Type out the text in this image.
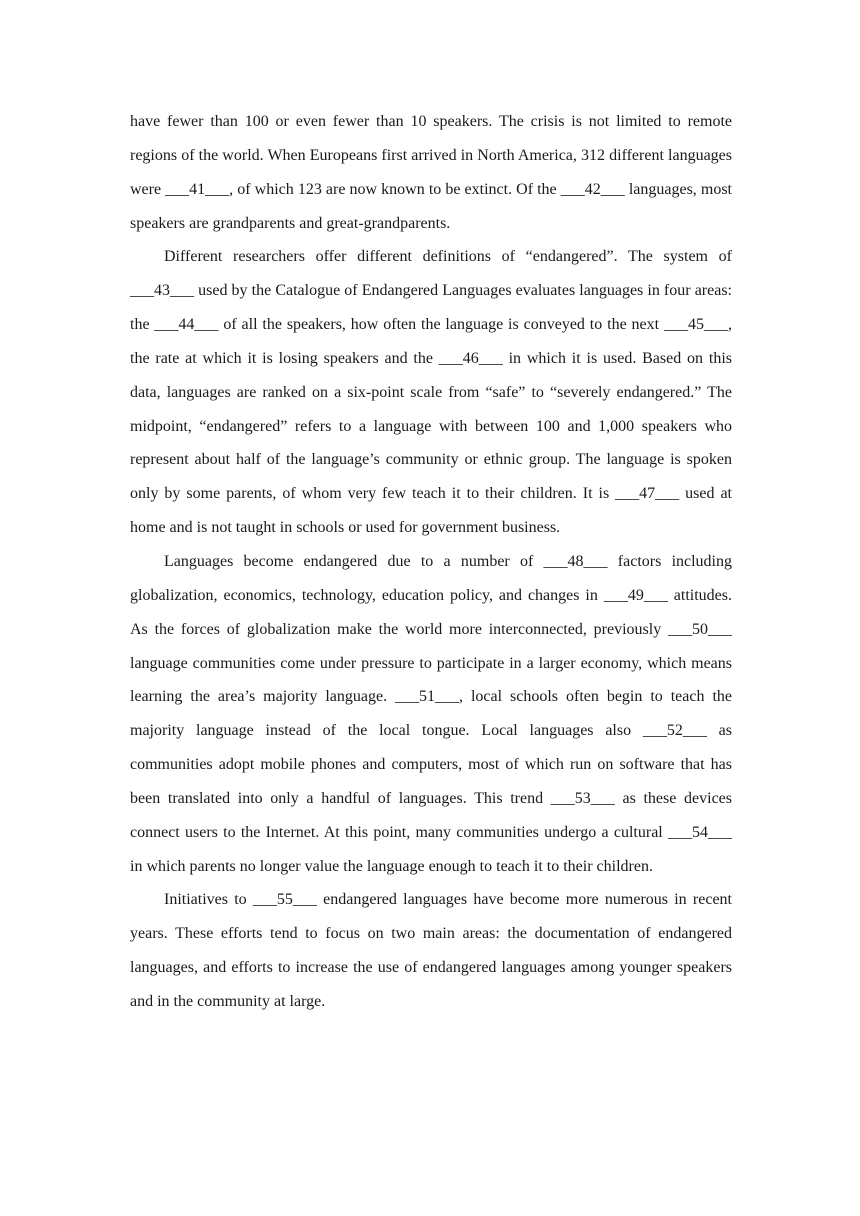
have fewer than 100 or even fewer than 10 speakers. The crisis is not limited to remote regions of the world. When Europeans first arrived in North America, 312 different languages were ___41___, of which 123 are now known to be extinct. Of the ___42___ languages, most speakers are grandparents and great-grandparents.

Different researchers offer different definitions of “endangered”. The system of ___43___ used by the Catalogue of Endangered Languages evaluates languages in four areas: the ___44___ of all the speakers, how often the language is conveyed to the next ___45___, the rate at which it is losing speakers and the ___46___ in which it is used. Based on this data, languages are ranked on a six-point scale from “safe” to “severely endangered.” The midpoint, “endangered” refers to a language with between 100 and 1,000 speakers who represent about half of the language’s community or ethnic group. The language is spoken only by some parents, of whom very few teach it to their children. It is ___47___ used at home and is not taught in schools or used for government business.

Languages become endangered due to a number of ___48___ factors including globalization, economics, technology, education policy, and changes in ___49___ attitudes. As the forces of globalization make the world more interconnected, previously ___50___ language communities come under pressure to participate in a larger economy, which means learning the area’s majority language. ___51___, local schools often begin to teach the majority language instead of the local tongue. Local languages also ___52___ as communities adopt mobile phones and computers, most of which run on software that has been translated into only a handful of languages. This trend ___53___ as these devices connect users to the Internet. At this point, many communities undergo a cultural ___54___ in which parents no longer value the language enough to teach it to their children.

Initiatives to ___55___ endangered languages have become more numerous in recent years. These efforts tend to focus on two main areas: the documentation of endangered languages, and efforts to increase the use of endangered languages among younger speakers and in the community at large.
